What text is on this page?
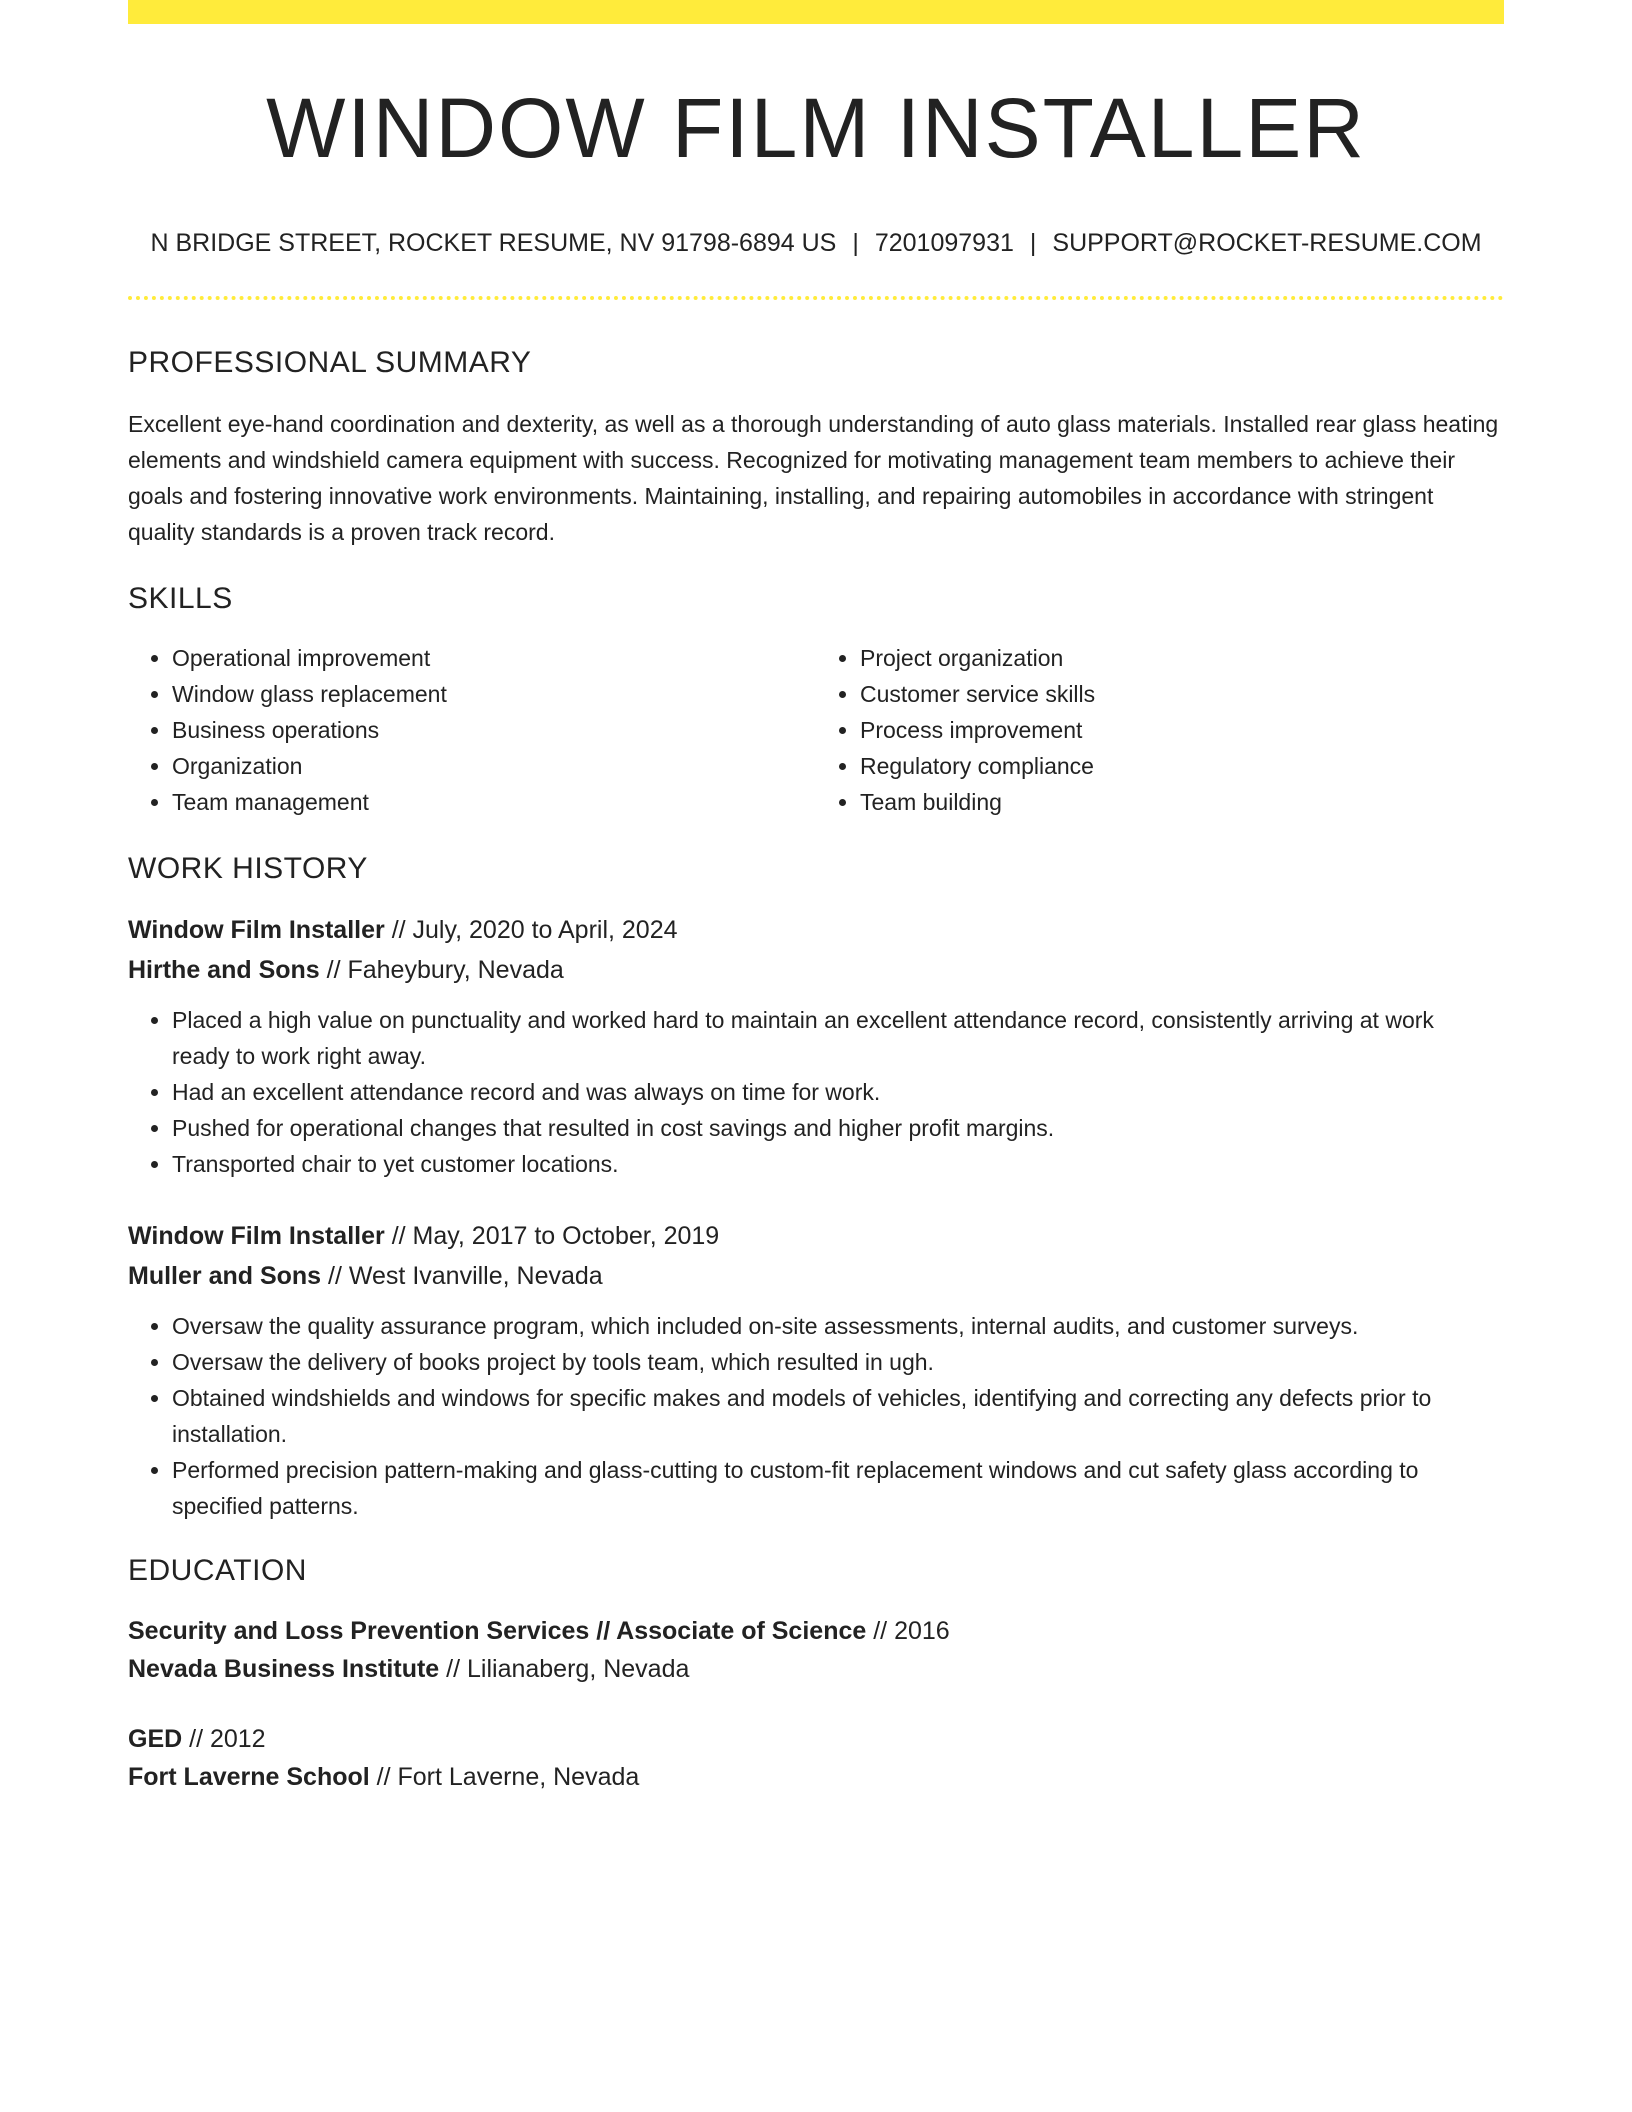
WINDOW FILM INSTALLER
N BRIDGE STREET, ROCKET RESUME, NV 91798-6894 US | 7201097931 | SUPPORT@ROCKET-RESUME.COM
PROFESSIONAL SUMMARY
Excellent eye-hand coordination and dexterity, as well as a thorough understanding of auto glass materials. Installed rear glass heating elements and windshield camera equipment with success. Recognized for motivating management team members to achieve their goals and fostering innovative work environments. Maintaining, installing, and repairing automobiles in accordance with stringent quality standards is a proven track record.
SKILLS
• Operational improvement
• Window glass replacement
• Business operations
• Organization
• Team management
• Project organization
• Customer service skills
• Process improvement
• Regulatory compliance
• Team building
WORK HISTORY
Window Film Installer // July, 2020 to April, 2024
Hirthe and Sons // Faheybury, Nevada
• Placed a high value on punctuality and worked hard to maintain an excellent attendance record, consistently arriving at work ready to work right away.
• Had an excellent attendance record and was always on time for work.
• Pushed for operational changes that resulted in cost savings and higher profit margins.
• Transported chair to yet customer locations.
Window Film Installer // May, 2017 to October, 2019
Muller and Sons // West Ivanville, Nevada
• Oversaw the quality assurance program, which included on-site assessments, internal audits, and customer surveys.
• Oversaw the delivery of books project by tools team, which resulted in ugh.
• Obtained windshields and windows for specific makes and models of vehicles, identifying and correcting any defects prior to installation.
• Performed precision pattern-making and glass-cutting to custom-fit replacement windows and cut safety glass according to specified patterns.
EDUCATION
Security and Loss Prevention Services // Associate of Science // 2016
Nevada Business Institute // Lilianaberg, Nevada
GED // 2012
Fort Laverne School // Fort Laverne, Nevada
